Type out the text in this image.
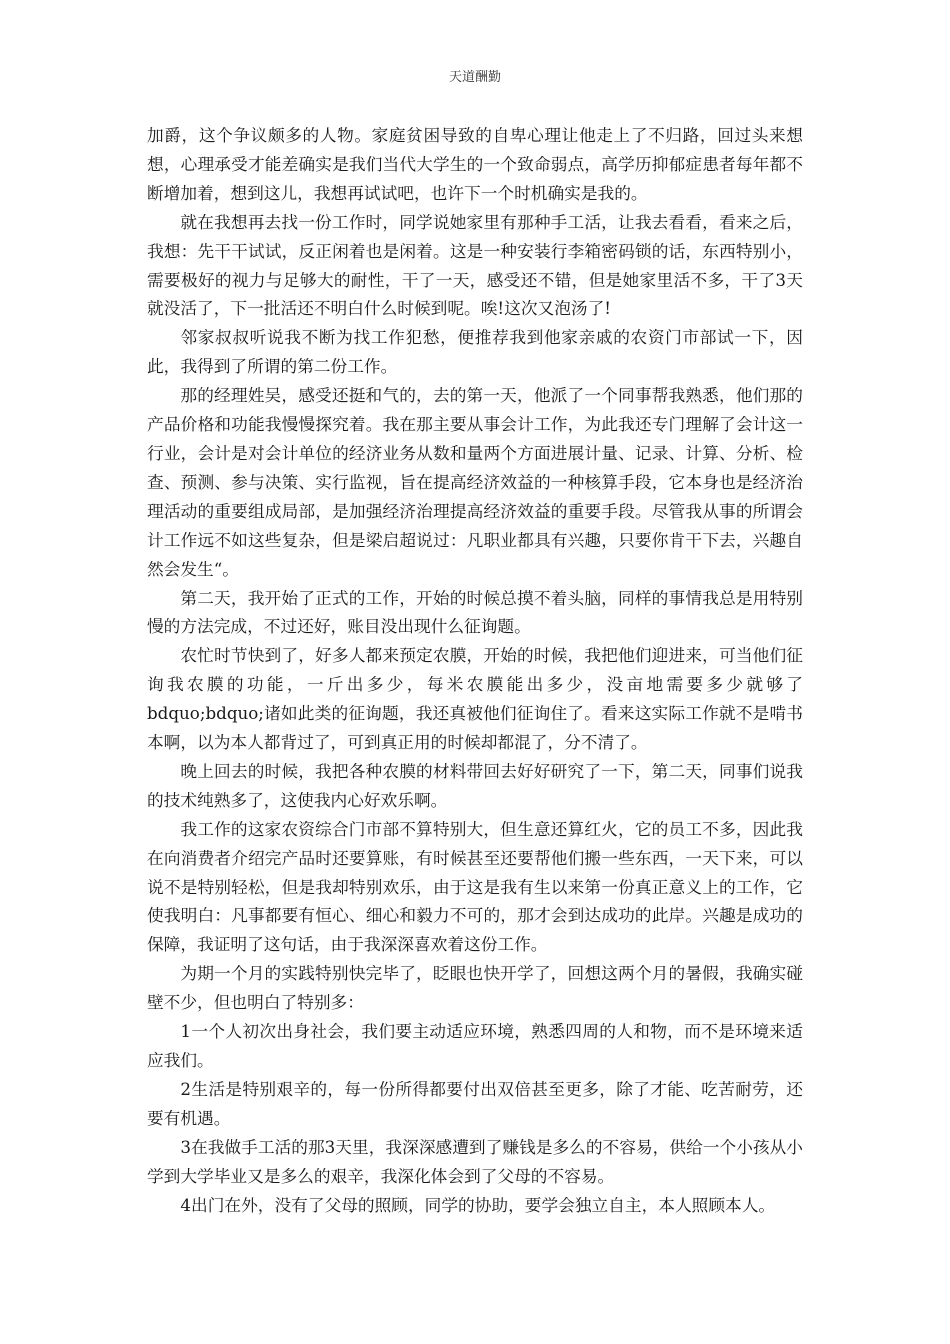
天道酬勤

加爵，这个争议颇多的人物。家庭贫困导致的自卑心理让他走上了不归路，回过头来想想，心理承受才能差确实是我们当代大学生的一个致命弱点，高学历抑郁症患者每年都不断增加着，想到这儿，我想再试试吧，也许下一个时机确实是我的。

就在我想再去找一份工作时，同学说她家里有那种手工活，让我去看看，看来之后，我想：先干干试试，反正闲着也是闲着。这是一种安装行李箱密码锁的话，东西特别小，需要极好的视力与足够大的耐性，干了一天，感受还不错，但是她家里活不多，干了3天就没活了，下一批活还不明白什么时候到呢。唉!这次又泡汤了!

邻家叔叔听说我不断为找工作犯愁，便推荐我到他家亲戚的农资门市部试一下，因此，我得到了所谓的第二份工作。

那的经理姓吴，感受还挺和气的，去的第一天，他派了一个同事帮我熟悉，他们那的产品价格和功能我慢慢探究着。我在那主要从事会计工作，为此我还专门理解了会计这一行业，会计是对会计单位的经济业务从数和量两个方面进展计量、记录、计算、分析、检查、预测、参与决策、实行监视，旨在提高经济效益的一种核算手段，它本身也是经济治理活动的重要组成局部，是加强经济治理提高经济效益的重要手段。尽管我从事的所谓会计工作远不如这些复杂，但是梁启超说过：凡职业都具有兴趣，只要你肯干下去，兴趣自然会发生“。

第二天，我开始了正式的工作，开始的时候总摸不着头脑，同样的事情我总是用特别慢的方法完成，不过还好，账目没出现什么征询题。

农忙时节快到了，好多人都来预定农膜，开始的时候，我把他们迎进来，可当他们征询我农膜的功能，一斤出多少，每米农膜能出多少，没亩地需要多少就够了bdquo;bdquo;诸如此类的征询题，我还真被他们征询住了。看来这实际工作就不是啃书本啊，以为本人都背过了，可到真正用的时候却都混了，分不清了。

晚上回去的时候，我把各种农膜的材料带回去好好研究了一下，第二天，同事们说我的技术纯熟多了，这使我内心好欢乐啊。

我工作的这家农资综合门市部不算特别大，但生意还算红火，它的员工不多，因此我在向消费者介绍完产品时还要算账，有时候甚至还要帮他们搬一些东西，一天下来，可以说不是特别轻松，但是我却特别欢乐，由于这是我有生以来第一份真正意义上的工作，它使我明白：凡事都要有恒心、细心和毅力不可的，那才会到达成功的此岸。兴趣是成功的保障，我证明了这句话，由于我深深喜欢着这份工作。

为期一个月的实践特别快完毕了，眨眼也快开学了，回想这两个月的暑假，我确实碰壁不少，但也明白了特别多：

1一个人初次出身社会，我们要主动适应环境，熟悉四周的人和物，而不是环境来适应我们。

2生活是特别艰辛的，每一份所得都要付出双倍甚至更多，除了才能、吃苦耐劳，还要有机遇。

3在我做手工活的那3天里，我深深感遭到了赚钱是多么的不容易，供给一个小孩从小学到大学毕业又是多么的艰辛，我深化体会到了父母的不容易。

4出门在外，没有了父母的照顾，同学的协助，要学会独立自主，本人照顾本人。
